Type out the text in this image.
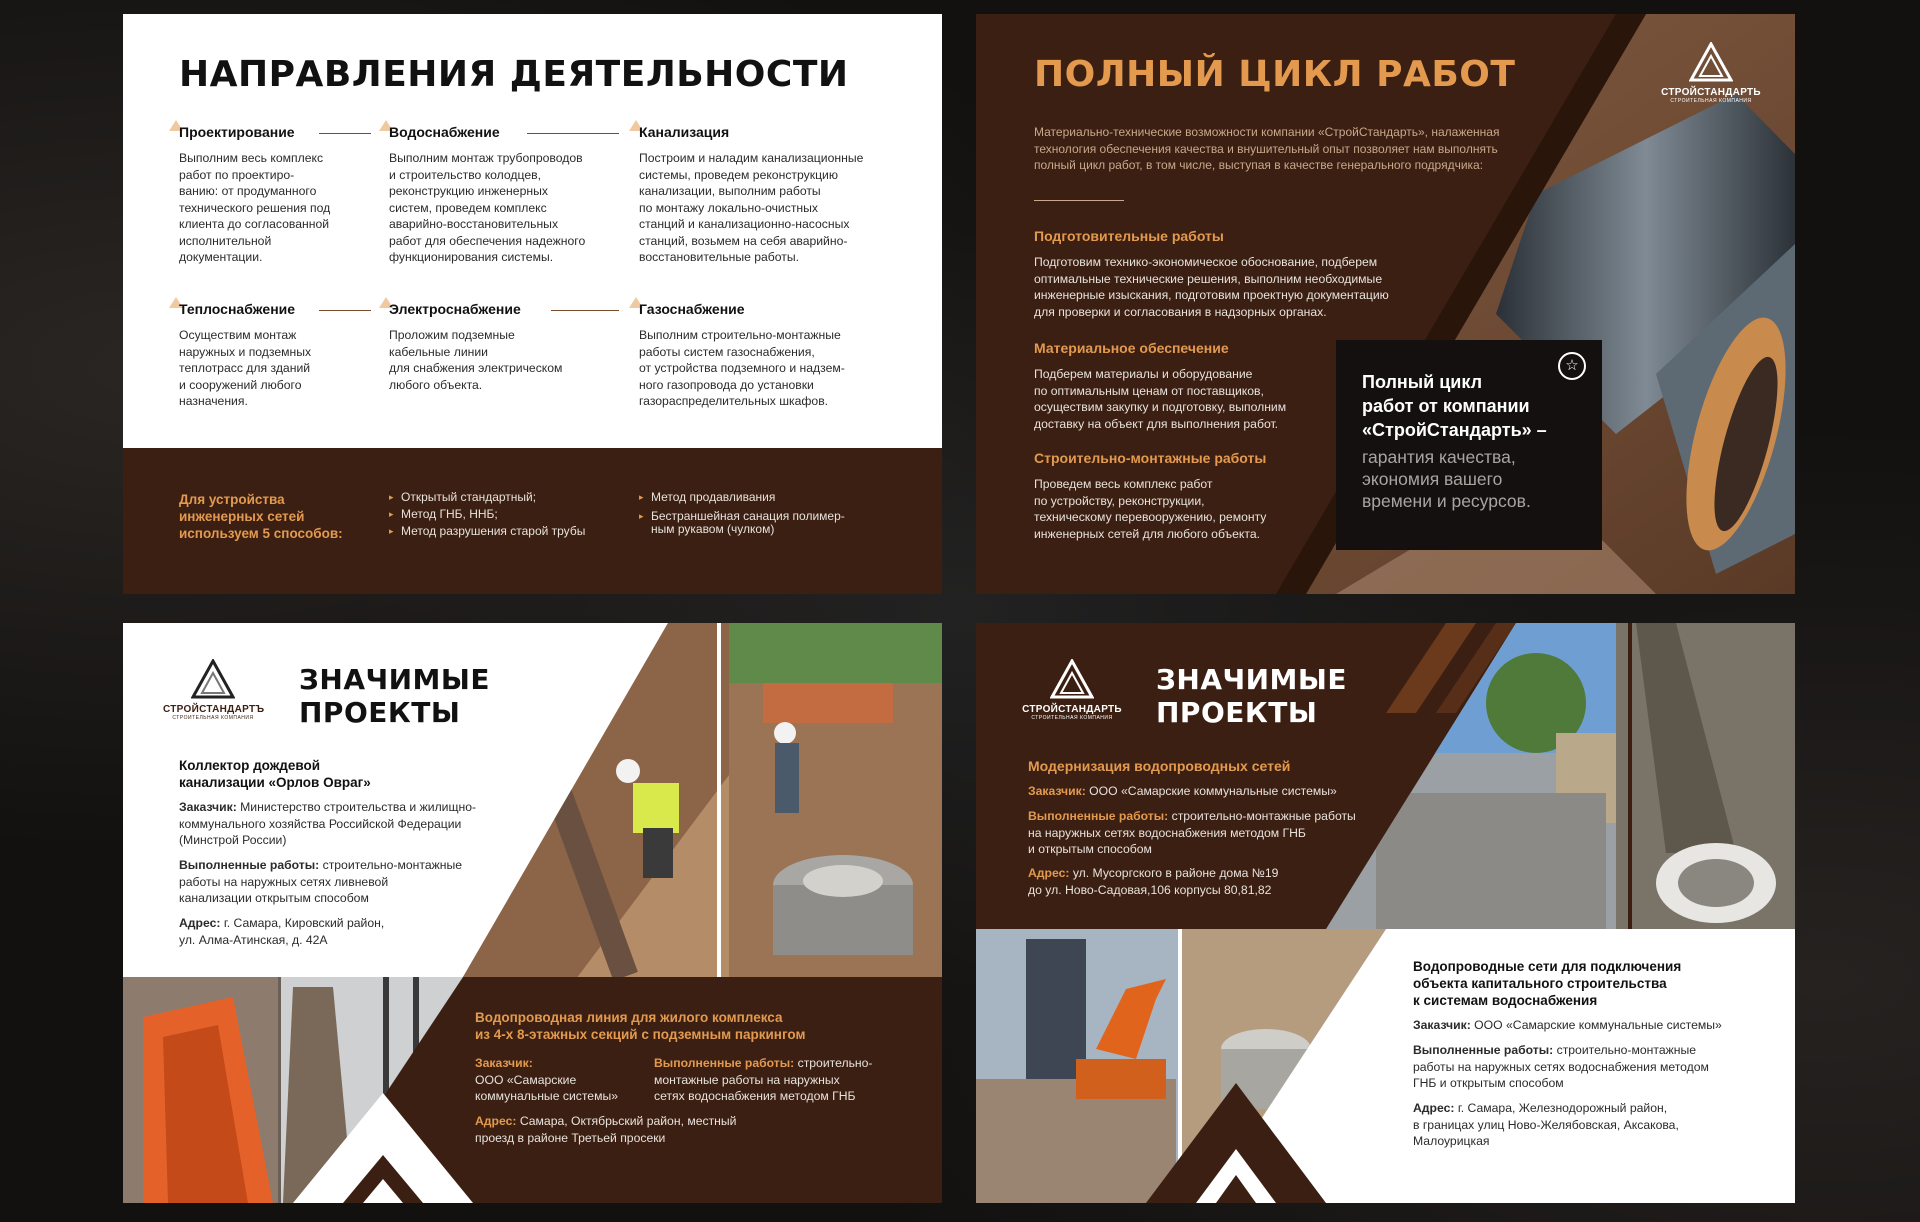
НАПРАВЛЕНИЯ ДЕЯТЕЛЬНОСТИ
Проектирование
Выполним весь комплекс
работ по проектиро-
ванию: от продуманного
технического решения под
клиента до согласованной
исполнительной
документации.
Водоснабжение
Выполним монтаж трубопроводов
и строительство колодцев,
реконструкцию инженерных
систем, проведем комплекс
аварийно-восстановительных
работ для обеспечения надежного
функционирования системы.
Канализация
Построим и наладим канализационные
системы, проведем реконструкцию
канализации, выполним работы
по монтажу локально-очистных
станций и канализационно-насосных
станций, возьмем на себя аварийно-
восстановительные работы.
Теплоснабжение
Осуществим монтаж
наружных и подземных
теплотрасс для зданий
и сооружений любого
назначения.
Электроснабжение
Проложим подземные
кабельные линии
для снабжения электрическом
любого объекта.
Газоснабжение
Выполним строительно-монтажные
работы систем газоснабжения,
от устройства подземного и надзем-
ного газопровода до установки
газораспределительных шкафов.
Для устройства
инженерных сетей
используем 5 способов:
▸ Открытый стандартный;
▸ Метод ГНБ, ННБ;
▸ Метод разрушения старой трубы
▸ Метод продавливания
▸ Бестраншейная санация полимер-
ным рукавом (чулком)
СТРОЙСТАНДАРТЬ
СТРОИТЕЛЬНАЯ КОМПАНИЯ
ПОЛНЫЙ ЦИКЛ РАБОТ
Материально-технические возможности компании «СтройСтандарть», налаженная
технология обеспечения качества и внушительный опыт позволяет нам выполнять
полный цикл работ, в том числе, выступая в качестве генерального подрядчика:
Подготовительные работы
Подготовим технико-экономическое обоснование, подберем
оптимальные технические решения, выполним необходимые
инженерные изыскания, подготовим проектную документацию
для проверки и согласования в надзорных органах.
Материальное обеспечение
Подберем материалы и оборудование
по оптимальным ценам от поставщиков,
осуществим закупку и подготовку, выполним
доставку на объект для выполнения работ.
Строительно-монтажные работы
Проведем весь комплекс работ
по устройству, реконструкции,
техническому перевооружению, ремонту
инженерных сетей для любого объекта.
☆
Полный цикл
работ от компании
«СтройСтандарть» –
гарантия качества,
экономия вашего
времени и ресурсов.
СТРОЙСТАНДАРТЪ
СТРОИТЕЛЬНАЯ КОМПАНИЯ
ЗНАЧИМЫЕ
ПРОЕКТЫ
Коллектор дождевой
канализации «Орлов Овраг»
Заказчик: Министерство строительства и жилищно-
коммунального хозяйства Российской Федерации
(Минстрой России)
Выполненные работы: строительно-монтажные
работы на наружных сетях ливневой
канализации открытым способом
Адрес: г. Самара, Кировский район,
ул. Алма-Атинская, д. 42А
Водопроводная линия для жилого комплекса
из 4-х 8-этажных секций с подземным паркингом
Заказчик:
ООО «Самарские
коммунальные системы»
Выполненные работы: строительно-
монтажные работы на наружных
сетях водоснабжения методом ГНБ
Адрес: Самара, Октябрьский район, местный
проезд в районе Третьей просеки
СТРОЙСТАНДАРТЬ
СТРОИТЕЛЬНАЯ КОМПАНИЯ
ЗНАЧИМЫЕ
ПРОЕКТЫ
Модернизация водопроводных сетей
Заказчик: ООО «Самарские коммунальные системы»
Выполненные работы: строительно-монтажные работы
на наружных сетях водоснабжения методом ГНБ
и открытым способом
Адрес: ул. Мусоргского в районе дома №19
до ул. Ново-Садовая,106 корпусы 80,81,82
Водопроводные сети для подключения
объекта капитального строительства
к системам водоснабжения
Заказчик: ООО «Самарские коммунальные системы»
Выполненные работы: строительно-монтажные
работы на наружных сетях водоснабжения методом
ГНБ и открытым способом
Адрес: г. Самара, Железнодорожный район,
в границах улиц Ново-Желябовская, Аксакова,
Малоурицкая
